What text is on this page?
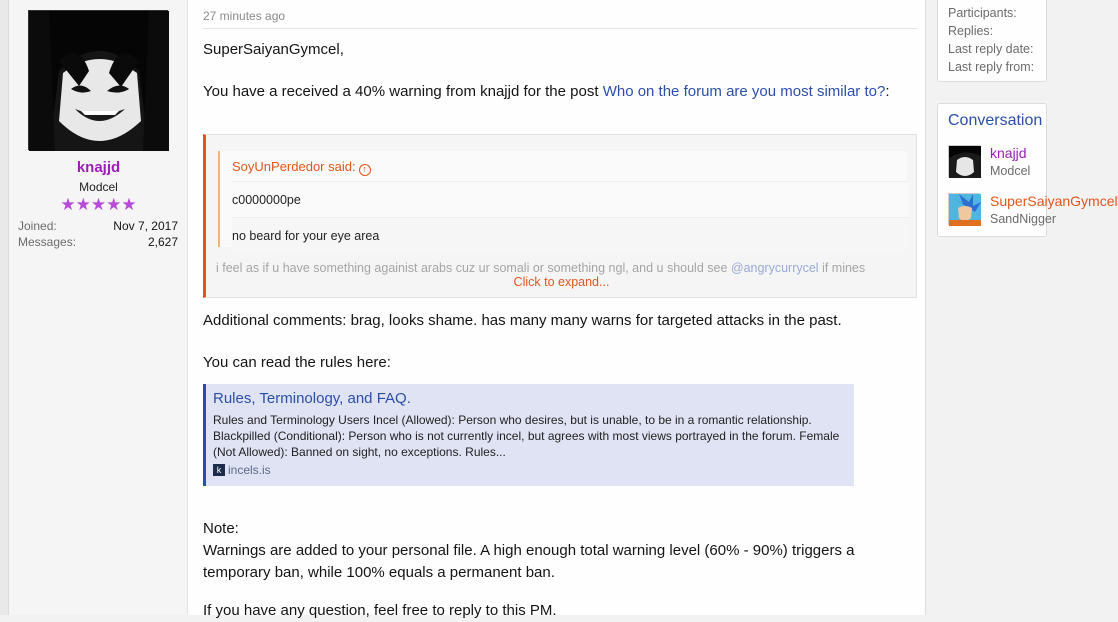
knajjd
Modcel
★★★★★
Joined:	Nov 7, 2017
Messages:	2,627
27 minutes ago
SuperSaiyanGymcel,
You have a received a 40% warning from knajjd for the post Who on the forum are you most similar to?:
SoyUnPerdedor said: ↑
c0000000pe
no beard for your eye area
i feel as if u have something againist arabs cuz ur somali or something ngl, and u should see @angrycurrycel if mines
Click to expand...
Additional comments: brag, looks shame. has many many warns for targeted attacks in the past.
You can read the rules here:
Rules, Terminology, and FAQ.
Rules and Terminology Users Incel (Allowed): Person who desires, but is unable, to be in a romantic relationship. Blackpilled (Conditional): Person who is not currently incel, but agrees with most views portrayed in the forum. Female (Not Allowed): Banned on sight, no exceptions. Rules...
k incels.is
Note:
Warnings are added to your personal file. A high enough total warning level (60% - 90%) triggers a temporary ban, while 100% equals a permanent ban.
If you have any question, feel free to reply to this PM.
Participants:
Replies:
Last reply date:
Last reply from:
Conversation
knajjd
Modcel
SuperSaiyanGymcel
SandNigger
